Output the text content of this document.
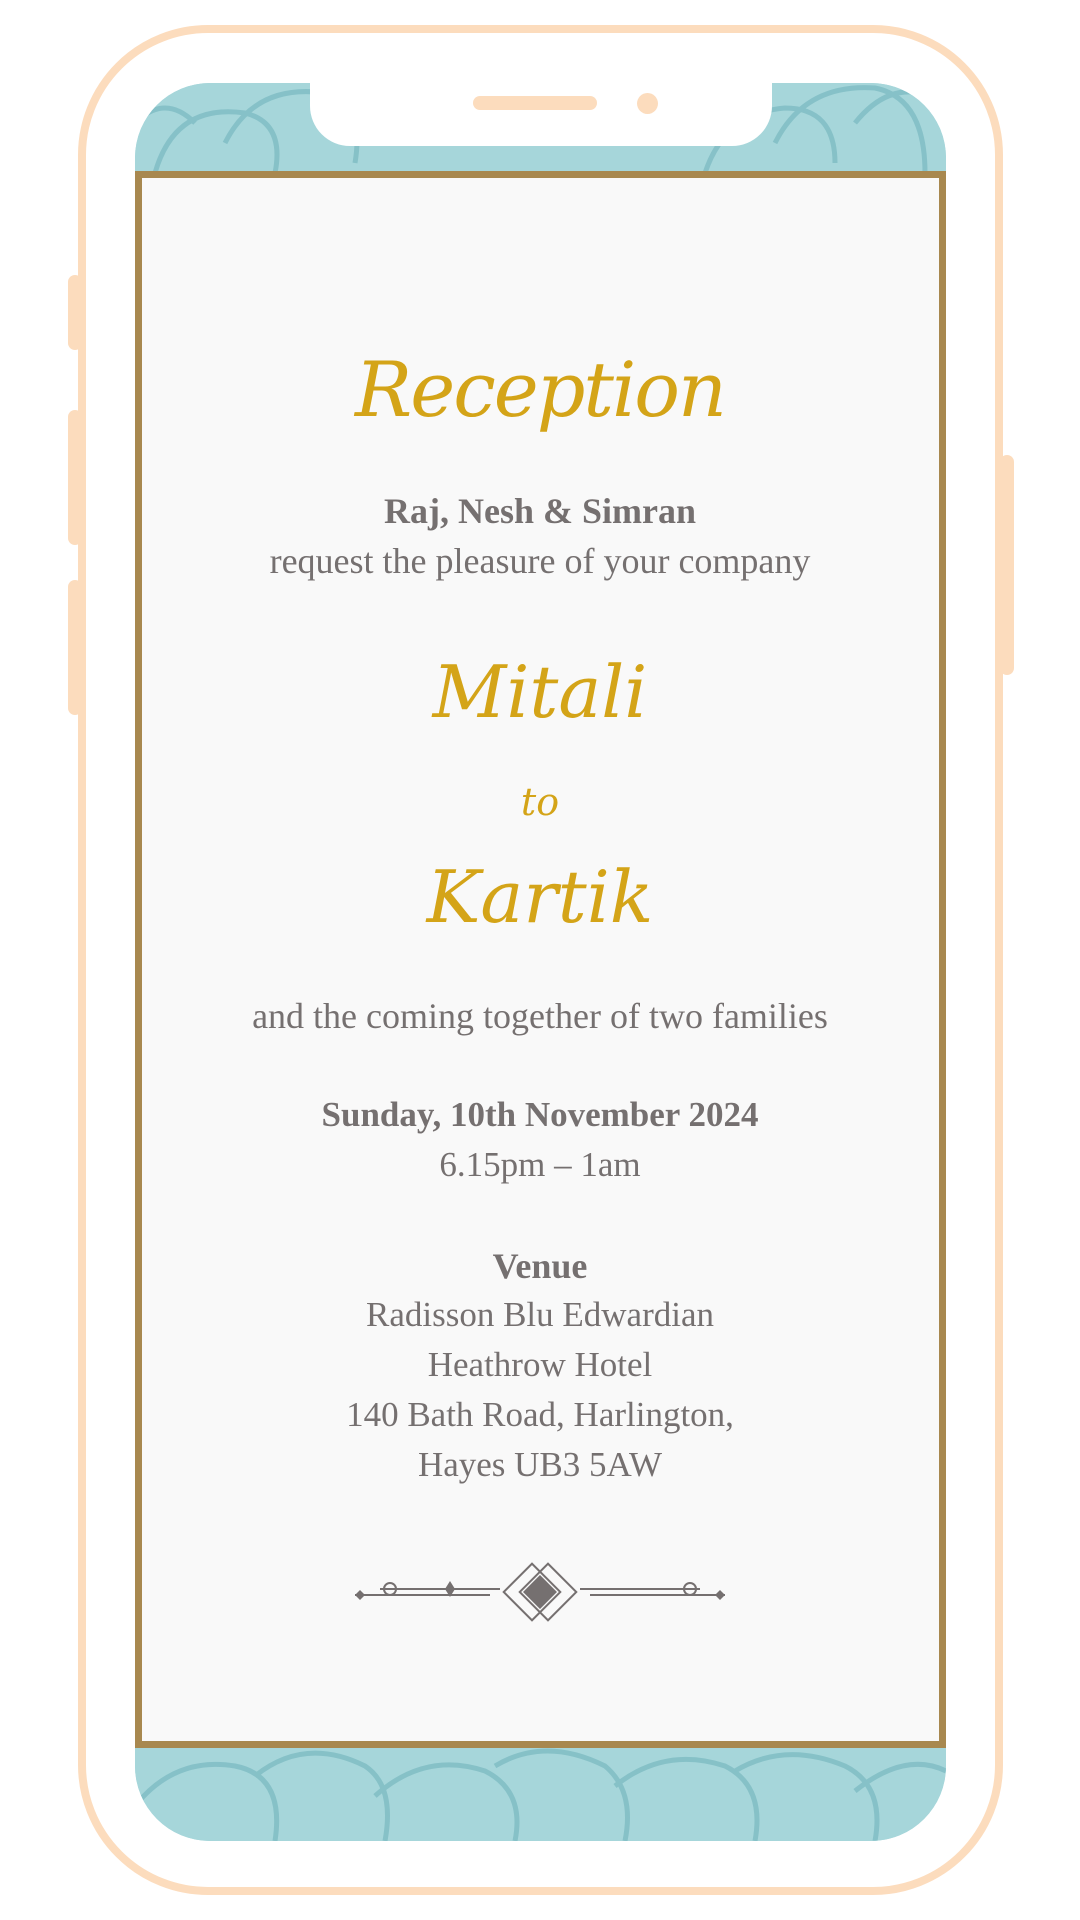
Reception

Raj, Nesh & Simran

request the pleasure of your company

Mitali

to

Kartik

and the coming together of two families

Sunday, 10th November 2024

6.15pm – 1am

Venue

Radisson Blu Edwardian

Heathrow Hotel

140 Bath Road, Harlington,

Hayes UB3 5AW
